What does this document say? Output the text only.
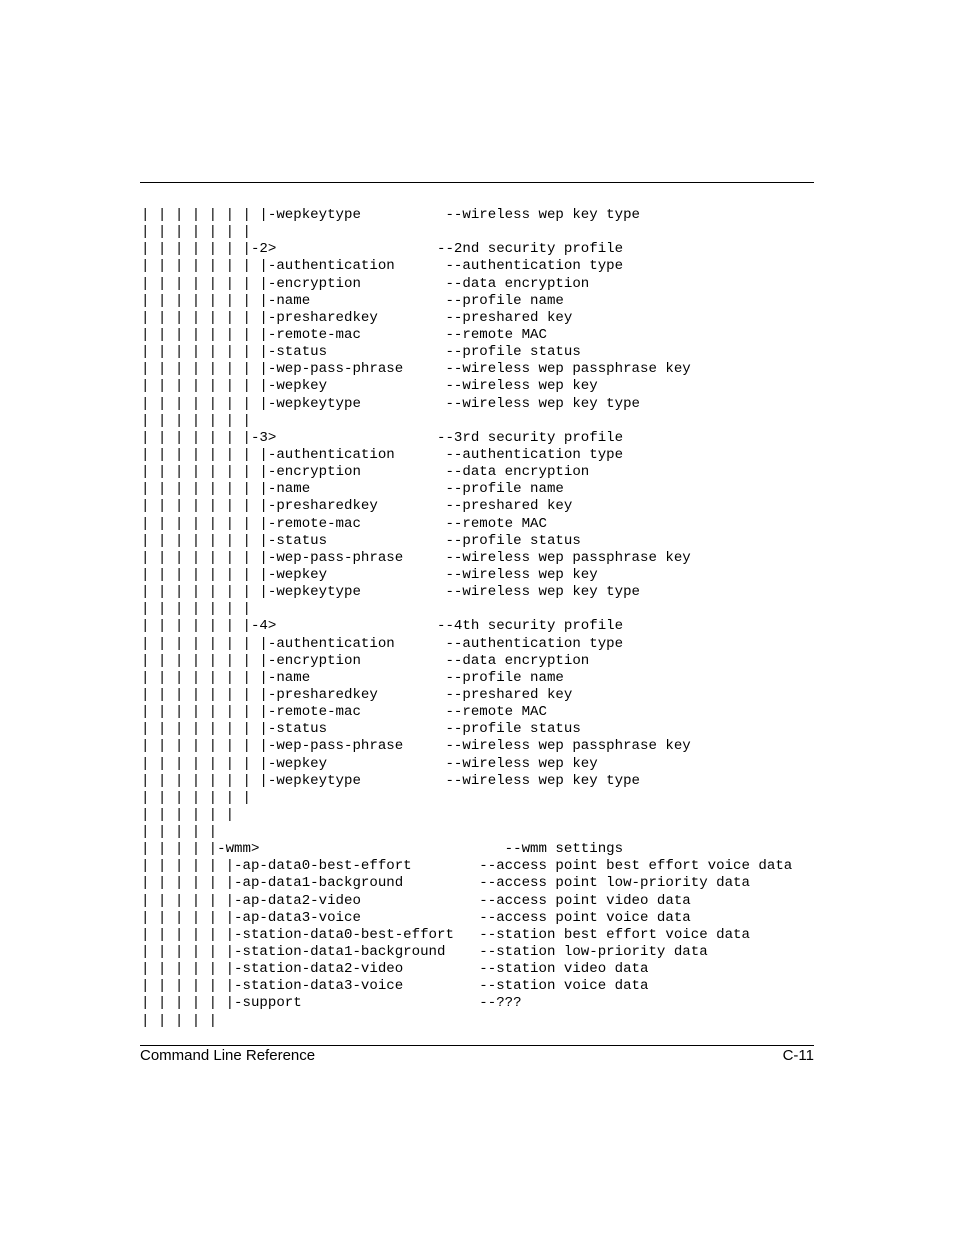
| | | | | | | |-wepkeytype          --wireless wep key type
| | | | | | |
| | | | | | |-2>                   --2nd security profile
| | | | | | | |-authentication      --authentication type
| | | | | | | |-encryption          --data encryption
| | | | | | | |-name                --profile name
| | | | | | | |-presharedkey        --preshared key
| | | | | | | |-remote-mac          --remote MAC
| | | | | | | |-status              --profile status
| | | | | | | |-wep-pass-phrase     --wireless wep passphrase key
| | | | | | | |-wepkey              --wireless wep key
| | | | | | | |-wepkeytype          --wireless wep key type
| | | | | | |
| | | | | | |-3>                   --3rd security profile
| | | | | | | |-authentication      --authentication type
| | | | | | | |-encryption          --data encryption
| | | | | | | |-name                --profile name
| | | | | | | |-presharedkey        --preshared key
| | | | | | | |-remote-mac          --remote MAC
| | | | | | | |-status              --profile status
| | | | | | | |-wep-pass-phrase     --wireless wep passphrase key
| | | | | | | |-wepkey              --wireless wep key
| | | | | | | |-wepkeytype          --wireless wep key type
| | | | | | |
| | | | | | |-4>                   --4th security profile
| | | | | | | |-authentication      --authentication type
| | | | | | | |-encryption          --data encryption
| | | | | | | |-name                --profile name
| | | | | | | |-presharedkey        --preshared key
| | | | | | | |-remote-mac          --remote MAC
| | | | | | | |-status              --profile status
| | | | | | | |-wep-pass-phrase     --wireless wep passphrase key
| | | | | | | |-wepkey              --wireless wep key
| | | | | | | |-wepkeytype          --wireless wep key type
| | | | | | |
| | | | | |
| | | | |
| | | | |-wmm>                             --wmm settings
| | | | | |-ap-data0-best-effort        --access point best effort voice data
| | | | | |-ap-data1-background         --access point low-priority data
| | | | | |-ap-data2-video              --access point video data
| | | | | |-ap-data3-voice              --access point voice data
| | | | | |-station-data0-best-effort   --station best effort voice data
| | | | | |-station-data1-background    --station low-priority data
| | | | | |-station-data2-video         --station video data
| | | | | |-station-data3-voice         --station voice data
| | | | | |-support                     --???
| | | | |
Command Line Reference	C-11
